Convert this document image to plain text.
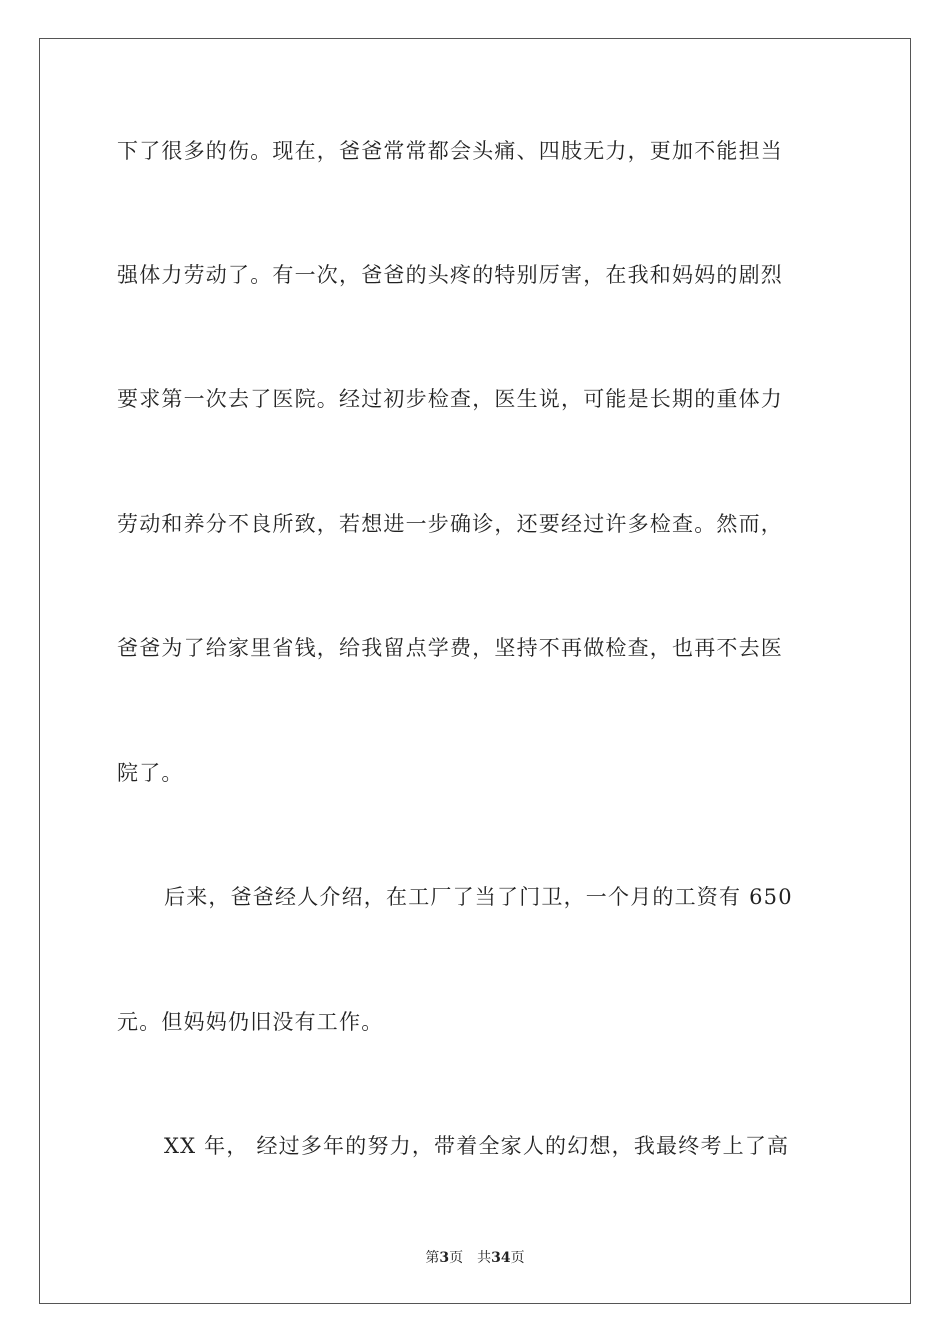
下了很多的伤。现在，爸爸常常都会头痛、四肢无力，更加不能担当
强体力劳动了。有一次，爸爸的头疼的特别厉害，在我和妈妈的剧烈
要求第一次去了医院。经过初步检查，医生说，可能是长期的重体力
劳动和养分不良所致，若想进一步确诊，还要经过许多检查。然而，
爸爸为了给家里省钱，给我留点学费，坚持不再做检查，也再不去医
院了。
后来，爸爸经人介绍，在工厂了当了门卫，一个月的工资有 650
元。但妈妈仍旧没有工作。
XX 年， 经过多年的努力，带着全家人的幻想，我最终考上了高
第3页 共34页
